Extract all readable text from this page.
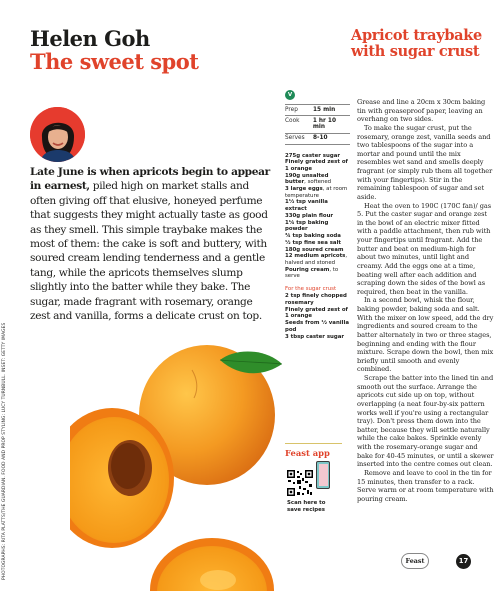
PHOTOGRAPHS: RITA PLATTS/THE GUARDIAN. FOOD AND PROP STYLING: LUCY TURNBULL. INSET: GETTY IMAGES
Helen Goh
The sweet spot

Late June is when apricots begin to appear in earnest, piled high on market stalls and often giving off that elusive, honeyed perfume that suggests they might actually taste as good as they smell. This simple traybake makes the most of them: the cake is soft and buttery, with soured cream lending tenderness and a gentle tang, while the apricots themselves slump slightly into the batter while they bake. The sugar, made fragrant with rosemary, orange zest and vanilla, forms a delicate crust on top.

Apricot traybake with sugar crust
V
Prep	15 min
Cook	1 hr 10 min
Serves	8-10
275g caster sugar
Finely grated zest of 1 orange
190g unsalted butter, softened
3 large eggs, at room temperature
1½ tsp vanilla extract
330g plain flour
1¼ tsp baking powder
¾ tsp baking soda
½ tsp fine sea salt
180g soured cream
12 medium apricots, halved and stoned
Pouring cream, to serve
For the sugar crust
2 tsp finely chopped rosemary
Finely grated zest of 1 orange
Seeds from ½ vanilla pod
3 tbsp caster sugar

Grease and line a 20cm x 30cm baking tin with greaseproof paper, leaving an overhang on two sides.

To make the sugar crust, put the rosemary, orange zest, vanilla seeds and two tablespoons of the sugar into a mortar and pound until the mix resembles wet sand and smells deeply fragrant (or simply rub them all together with your fingertips). Stir in the remaining tablespoon of sugar and set aside.

Heat the oven to 190C (170C fan)/ gas 5. Put the caster sugar and orange zest in the bowl of an electric mixer fitted with a paddle attachment, then rub with your fingertips until fragrant. Add the butter and beat on medium-high for about two minutes, until light and creamy. Add the eggs one at a time, beating well after each addition and scraping down the sides of the bowl as required, then beat in the vanilla.

In a second bowl, whisk the flour, baking powder, baking soda and salt. With the mixer on low speed, add the dry ingredients and soured cream to the batter alternately in two or three stages, beginning and ending with the flour mixture. Scrape down the bowl, then mix briefly until smooth and evenly combined.

Scrape the batter into the lined tin and smooth out the surface. Arrange the apricots cut side up on top, without overlapping (a neat four-by-six pattern works well if you're using a rectangular tray). Don't press them down into the batter, because they will settle naturally while the cake bakes. Sprinkle evenly with the rosemary-orange sugar and bake for 40-45 minutes, or until a skewer inserted into the centre comes out clean.

Remove and leave to cool in the tin for 15 minutes, then transfer to a rack. Serve warm or at room temperature with pouring cream.

Feast app
Scan here to save recipes
Feast	17
